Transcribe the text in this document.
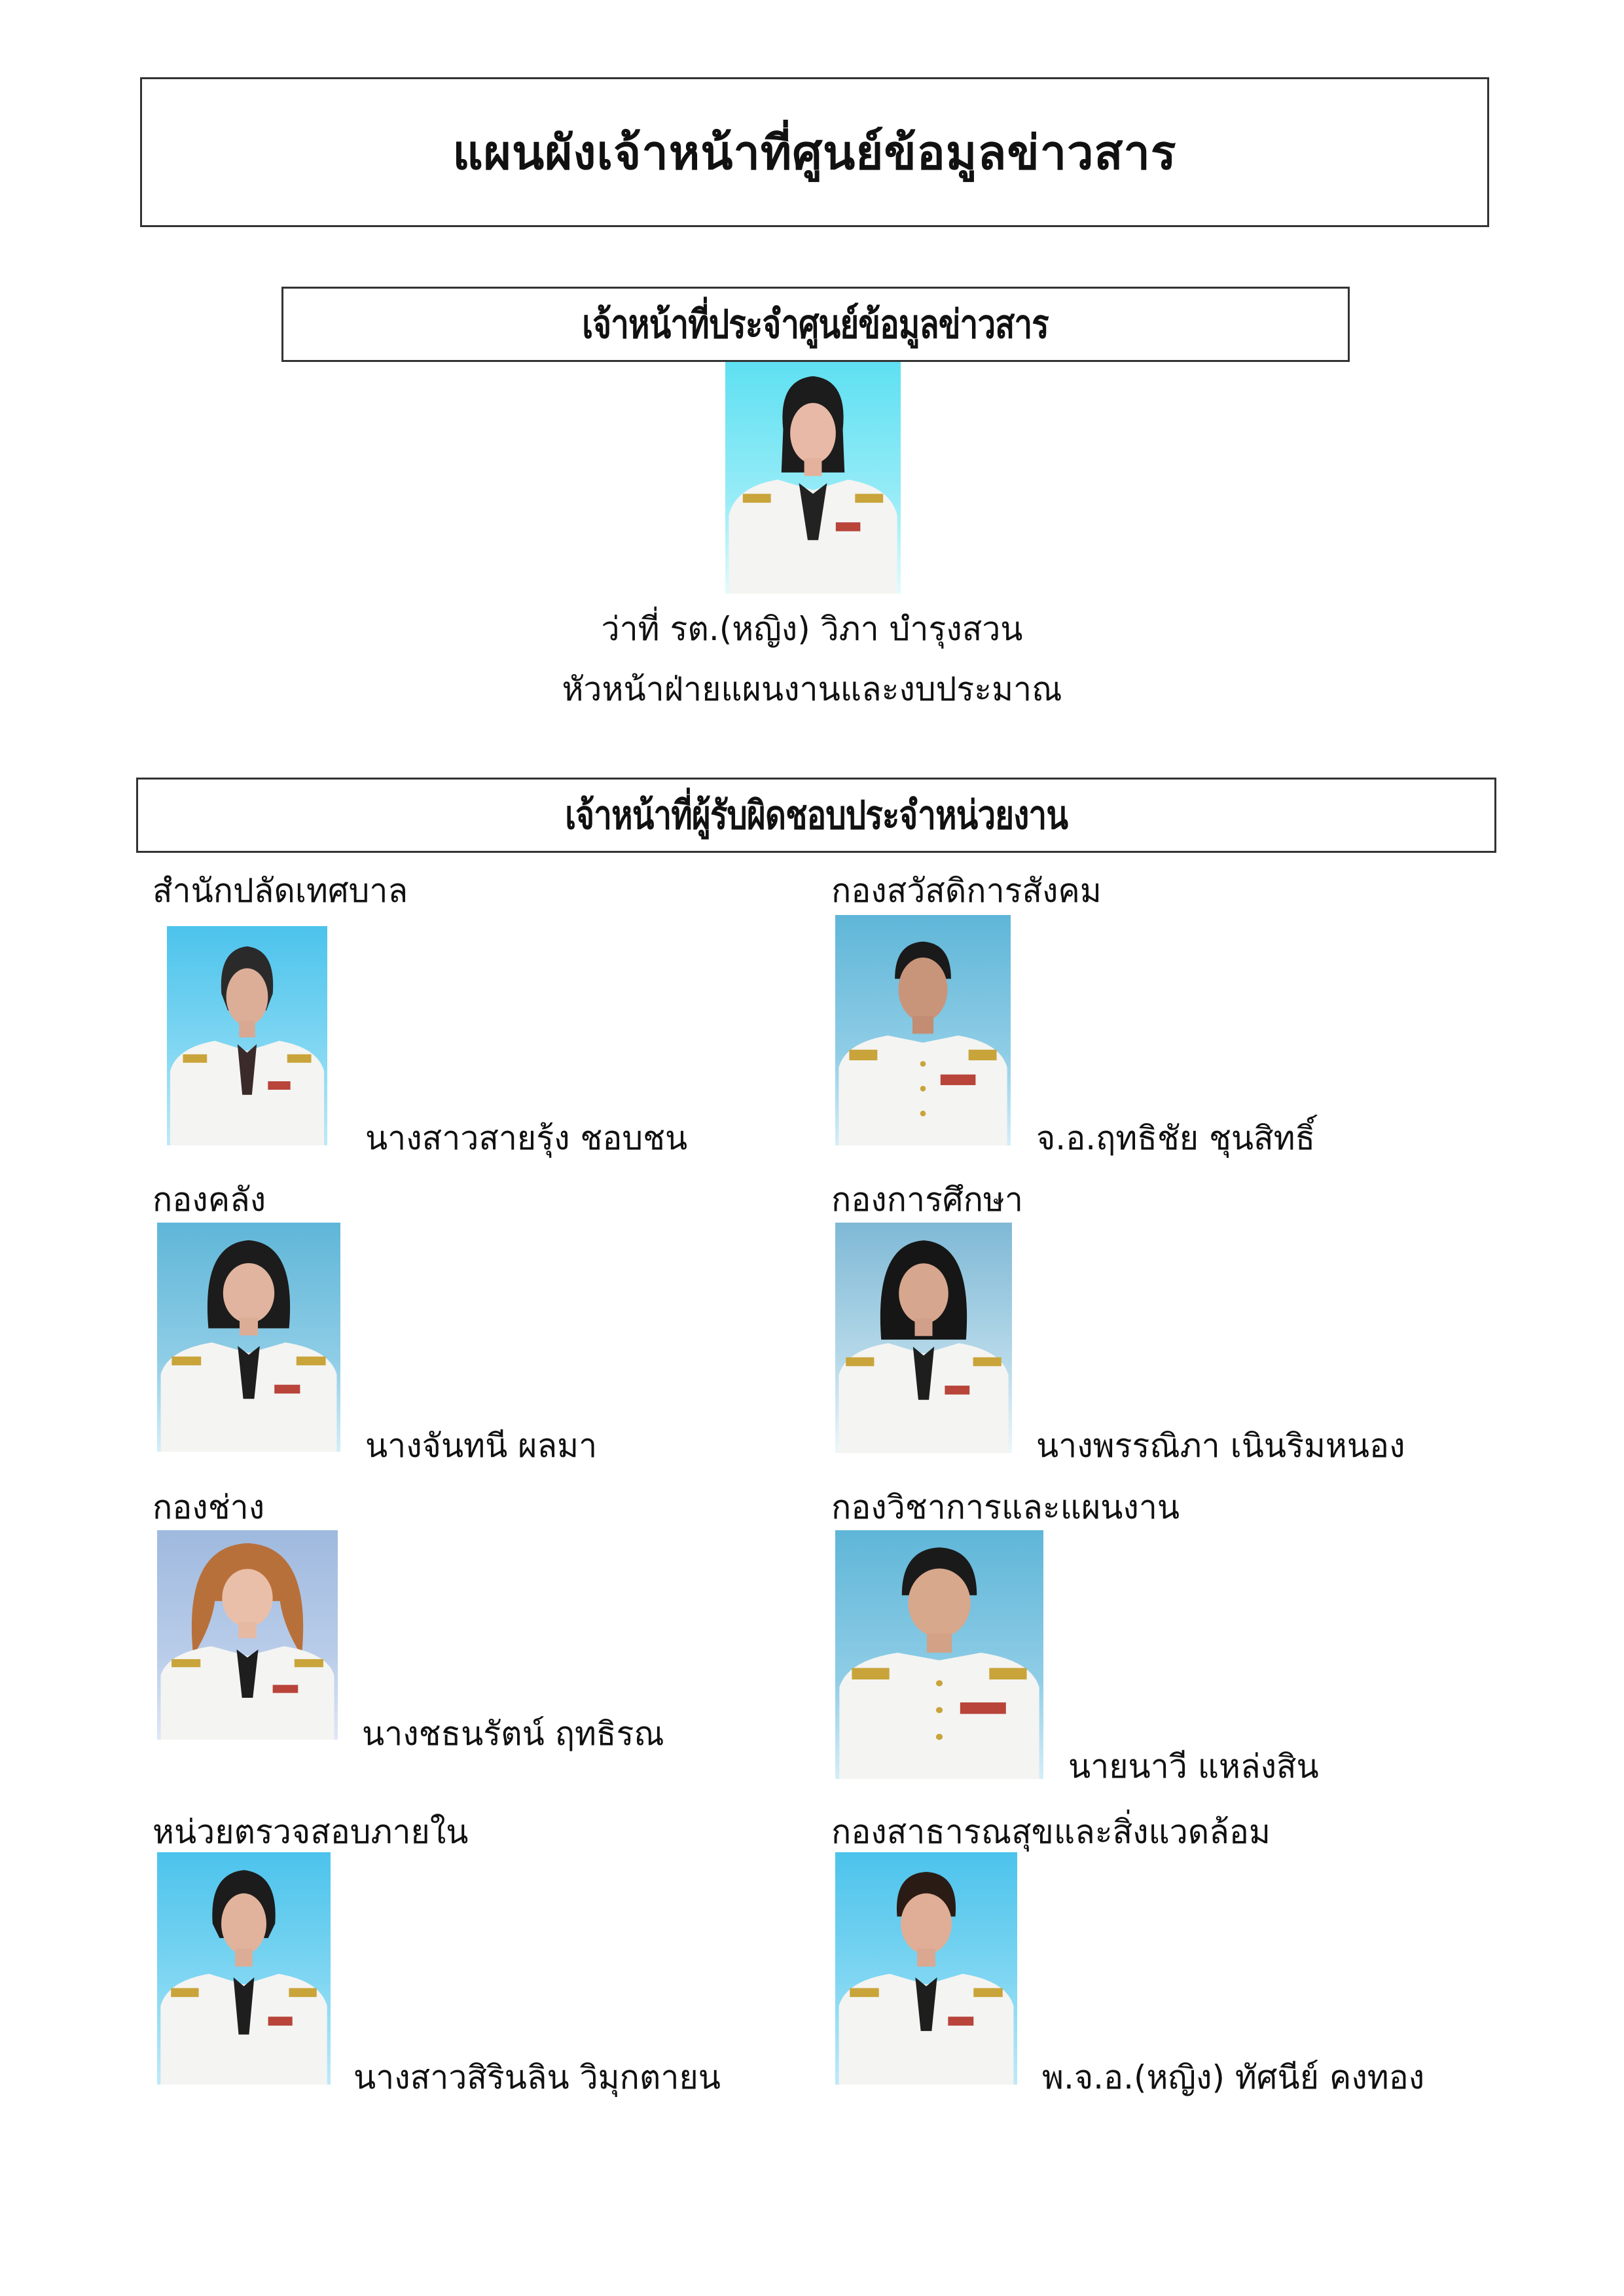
แผนผังเจ้าหน้าที่ศูนย์ข้อมูลข่าวสาร
เจ้าหน้าที่ประจำศูนย์ข้อมูลข่าวสาร
ว่าที่ รต.(หญิง) วิภา บำรุงสวน
หัวหน้าฝ่ายแผนงานและงบประมาณ
เจ้าหน้าที่ผู้รับผิดชอบประจำหน่วยงาน
สำนักปลัดเทศบาล
นางสาวสายรุ้ง ชอบชน
กองสวัสดิการสังคม
จ.อ.ฤทธิชัย ชุนสิทธิ์
กองคลัง
นางจันทนี ผลมา
กองการศึกษา
นางพรรณิภา เนินริมหนอง
กองช่าง
นางชธนรัตน์ ฤทธิรณ
กองวิชาการและแผนงาน
นายนาวี แหล่งสิน
หน่วยตรวจสอบภายใน
นางสาวสิรินลิน วิมุกตายน
กองสาธารณสุขและสิ่งแวดล้อม
พ.จ.อ.(หญิง) ทัศนีย์ คงทอง
